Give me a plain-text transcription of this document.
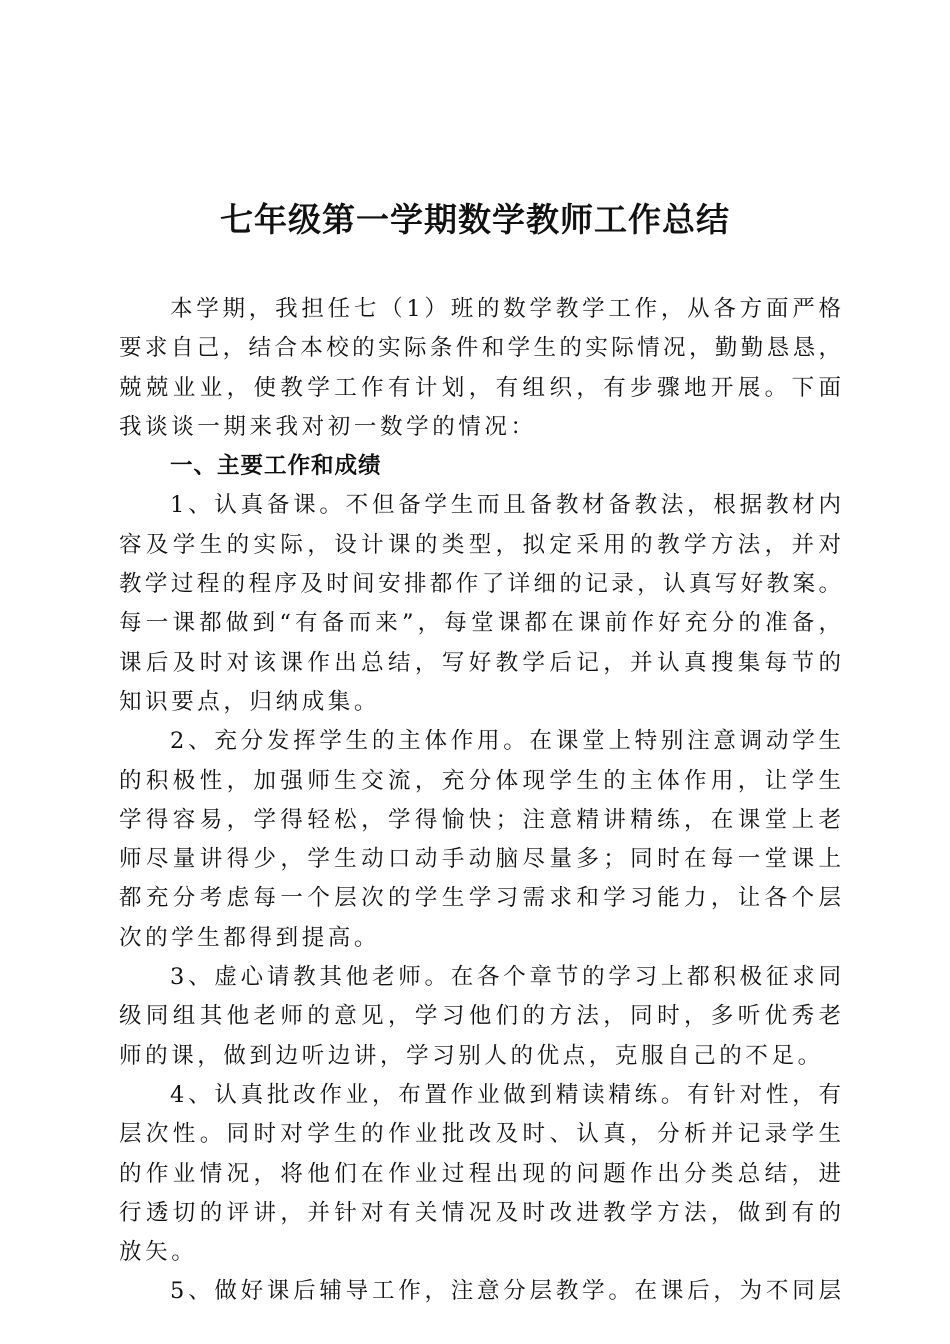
七年级第一学期数学教师工作总结
本学期，我担任七（1）班的数学教学工作，从各方面严格
要求自己，结合本校的实际条件和学生的实际情况，勤勤恳恳，
兢兢业业，使教学工作有计划，有组织，有步骤地开展。下面
我谈谈一期来我对初一数学的情况：
一、主要工作和成绩
1、认真备课。不但备学生而且备教材备教法，根据教材内
容及学生的实际，设计课的类型，拟定采用的教学方法，并对
教学过程的程序及时间安排都作了详细的记录，认真写好教案。
每一课都做到“有备而来”，每堂课都在课前作好充分的准备，
课后及时对该课作出总结，写好教学后记，并认真搜集每节的
知识要点，归纳成集。
2、充分发挥学生的主体作用。在课堂上特别注意调动学生
的积极性，加强师生交流，充分体现学生的主体作用，让学生
学得容易，学得轻松，学得愉快；注意精讲精练，在课堂上老
师尽量讲得少，学生动口动手动脑尽量多；同时在每一堂课上
都充分考虑每一个层次的学生学习需求和学习能力，让各个层
次的学生都得到提高。
3、虚心请教其他老师。在各个章节的学习上都积极征求同
级同组其他老师的意见，学习他们的方法，同时，多听优秀老
师的课，做到边听边讲，学习别人的优点，克服自己的不足。
4、认真批改作业，布置作业做到精读精练。有针对性，有
层次性。同时对学生的作业批改及时、认真，分析并记录学生
的作业情况，将他们在作业过程出现的问题作出分类总结，进
行透切的评讲，并针对有关情况及时改进教学方法，做到有的
放矢。
5、做好课后辅导工作，注意分层教学。在课后，为不同层
